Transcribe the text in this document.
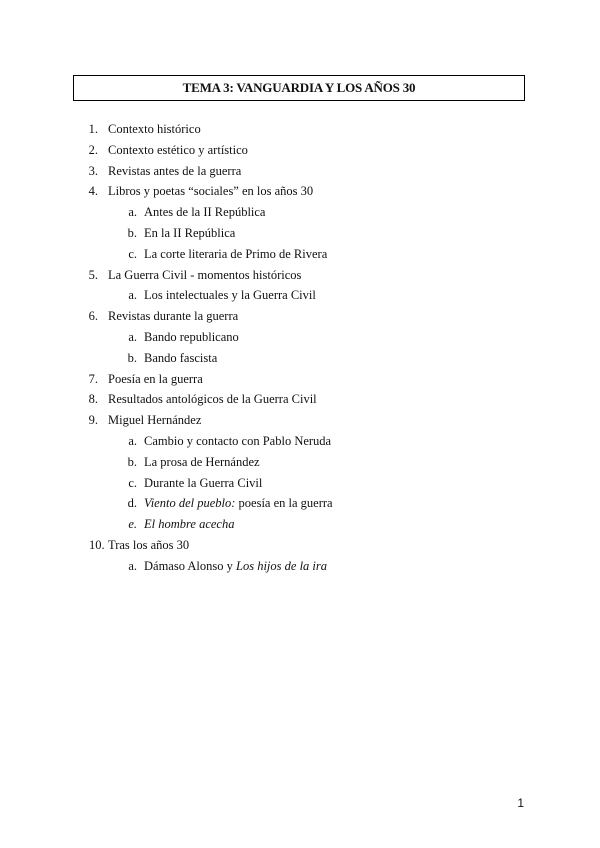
TEMA 3: VANGUARDIA Y LOS AÑOS 30
1. Contexto histórico
2. Contexto estético y artístico
3. Revistas antes de la guerra
4. Libros y poetas “sociales” en los años 30
a. Antes de la II República
b. En la II República
c. La corte literaria de Primo de Rivera
5. La Guerra Civil - momentos históricos
a. Los intelectuales y la Guerra Civil
6. Revistas durante la guerra
a. Bando republicano
b. Bando fascista
7. Poesía en la guerra
8. Resultados antológicos de la Guerra Civil
9. Miguel Hernández
a. Cambio y contacto con Pablo Neruda
b. La prosa de Hernández
c. Durante la Guerra Civil
d. Viento del pueblo: poesía en la guerra
e. El hombre acecha
10. Tras los años 30
a. Dámaso Alonso y Los hijos de la ira
1
